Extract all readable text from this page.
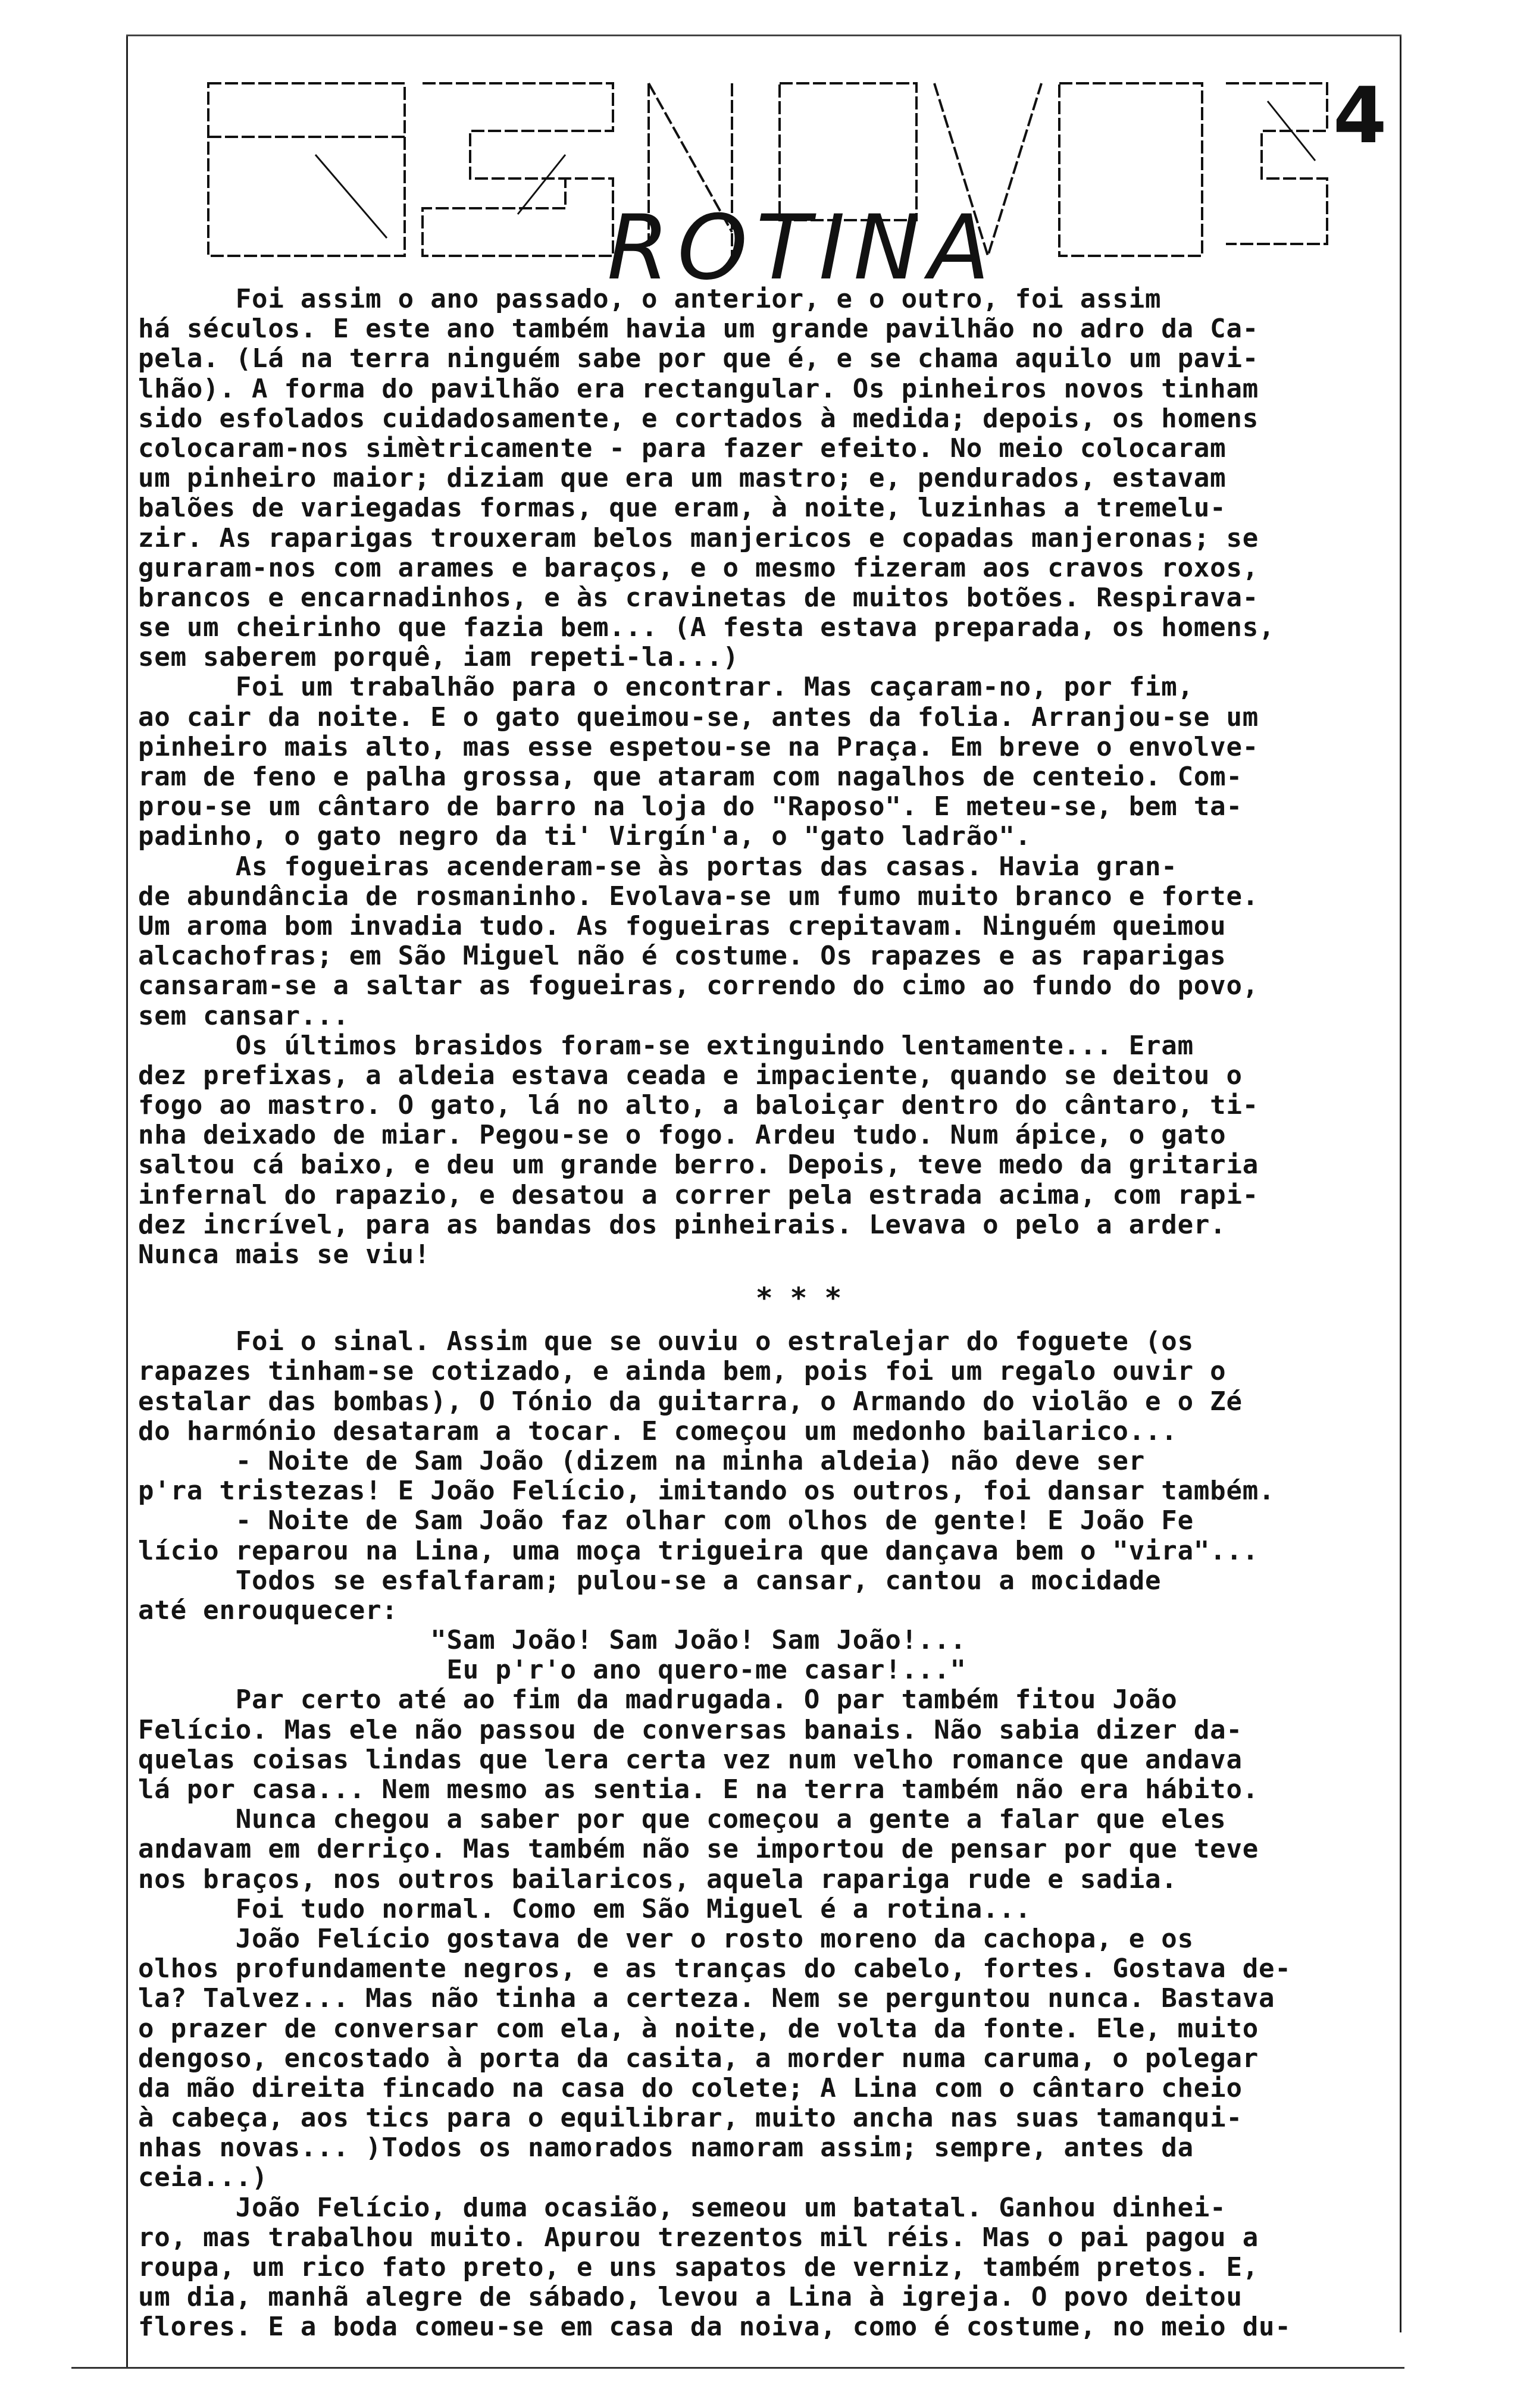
4
ROTINA
Foi assim o ano passado, o anterior, e o outro, foi assim
há séculos. E este ano também havia um grande pavilhão no adro da Ca-
pela. (Lá na terra ninguém sabe por que é, e se chama aquilo um pavi-
lhão). A forma do pavilhão era rectangular. Os pinheiros novos tinham
sido esfolados cuidadosamente, e cortados à medida; depois, os homens
colocaram-nos simètricamente - para fazer efeito. No meio colocaram
um pinheiro maior; diziam que era um mastro; e, pendurados, estavam
balões de variegadas formas, que eram, à noite, luzinhas a tremelu-
zir. As raparigas trouxeram belos manjericos e copadas manjeronas; se
guraram-nos com arames e baraços, e o mesmo fizeram aos cravos roxos,
brancos e encarnadinhos, e às cravinetas de muitos botões. Respirava-
se um cheirinho que fazia bem... (A festa estava preparada, os homens,
sem saberem porquê, iam repeti-la...)
Foi um trabalhão para o encontrar. Mas caçaram-no, por fim,
ao cair da noite. E o gato queimou-se, antes da folia. Arranjou-se um
pinheiro mais alto, mas esse espetou-se na Praça. Em breve o envolve-
ram de feno e palha grossa, que ataram com nagalhos de centeio. Com-
prou-se um cântaro de barro na loja do "Raposo". E meteu-se, bem ta-
padinho, o gato negro da ti' Virgín'a, o "gato ladrão".
As fogueiras acenderam-se às portas das casas. Havia gran-
de abundância de rosmaninho. Evolava-se um fumo muito branco e forte.
Um aroma bom invadia tudo. As fogueiras crepitavam. Ninguém queimou
alcachofras; em São Miguel não é costume. Os rapazes e as raparigas
cansaram-se a saltar as fogueiras, correndo do cimo ao fundo do povo,
sem cansar...
Os últimos brasidos foram-se extinguindo lentamente... Eram
dez prefixas, a aldeia estava ceada e impaciente, quando se deitou o
fogo ao mastro. O gato, lá no alto, a baloiçar dentro do cântaro, ti-
nha deixado de miar. Pegou-se o fogo. Ardeu tudo. Num ápice, o gato
saltou cá baixo, e deu um grande berro. Depois, teve medo da gritaria
infernal do rapazio, e desatou a correr pela estrada acima, com rapi-
dez incrível, para as bandas dos pinheirais. Levava o pelo a arder.
Nunca mais se viu!
* * *
Foi o sinal. Assim que se ouviu o estralejar do foguete (os
rapazes tinham-se cotizado, e ainda bem, pois foi um regalo ouvir o
estalar das bombas), O Tónio da guitarra, o Armando do violão e o Zé
do harmónio desataram a tocar. E começou um medonho bailarico...
- Noite de Sam João (dizem na minha aldeia) não deve ser
p'ra tristezas! E João Felício, imitando os outros, foi dansar também.
- Noite de Sam João faz olhar com olhos de gente! E João Fe
lício reparou na Lina, uma moça trigueira que dançava bem o "vira"...
Todos se esfalfaram; pulou-se a cansar, cantou a mocidade
até enrouquecer:
"Sam João! Sam João! Sam João!...
Eu p'r'o ano quero-me casar!..."
Par certo até ao fim da madrugada. O par também fitou João
Felício. Mas ele não passou de conversas banais. Não sabia dizer da-
quelas coisas lindas que lera certa vez num velho romance que andava
lá por casa... Nem mesmo as sentia. E na terra também não era hábito.
Nunca chegou a saber por que começou a gente a falar que eles
andavam em derriço. Mas também não se importou de pensar por que teve
nos braços, nos outros bailaricos, aquela rapariga rude e sadia.
Foi tudo normal. Como em São Miguel é a rotina...
João Felício gostava de ver o rosto moreno da cachopa, e os
olhos profundamente negros, e as tranças do cabelo, fortes. Gostava de-
la? Talvez... Mas não tinha a certeza. Nem se perguntou nunca. Bastava
o prazer de conversar com ela, à noite, de volta da fonte. Ele, muito
dengoso, encostado à porta da casita, a morder numa caruma, o polegar
da mão direita fincado na casa do colete; A Lina com o cântaro cheio
à cabeça, aos tics para o equilibrar, muito ancha nas suas tamanqui-
nhas novas... )Todos os namorados namoram assim; sempre, antes da
ceia...)
João Felício, duma ocasião, semeou um batatal. Ganhou dinhei-
ro, mas trabalhou muito. Apurou trezentos mil réis. Mas o pai pagou a
roupa, um rico fato preto, e uns sapatos de verniz, também pretos. E,
um dia, manhã alegre de sábado, levou a Lina à igreja. O povo deitou
flores. E a boda comeu-se em casa da noiva, como é costume, no meio du-
